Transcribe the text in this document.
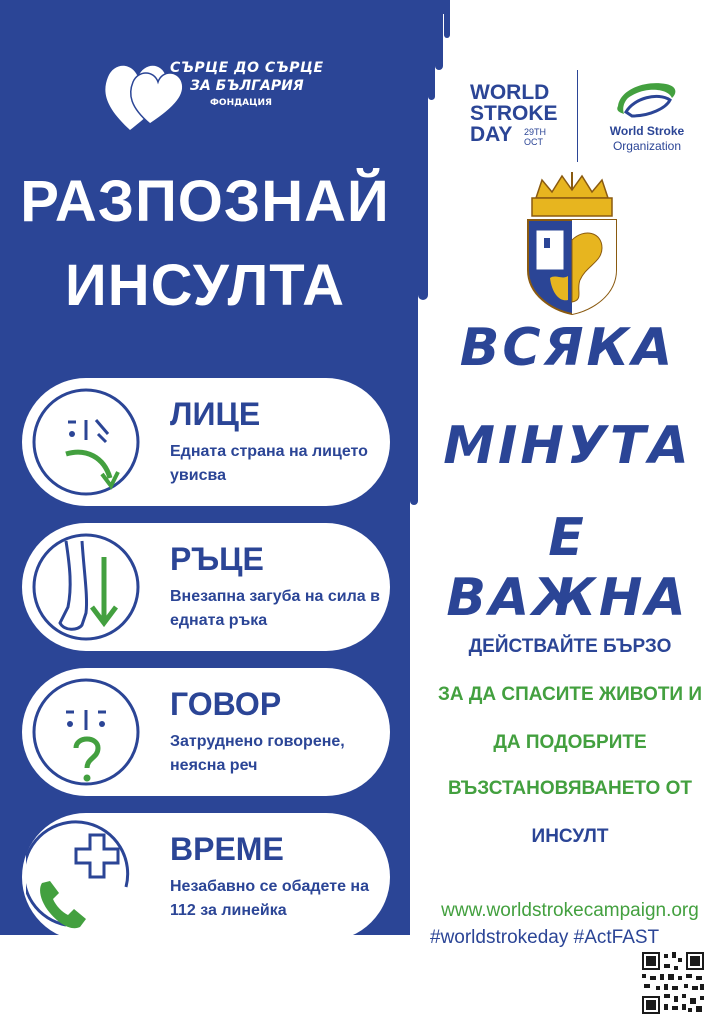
СЪРЦЕ ДО СЪРЦЕ
ЗА БЪЛГАРИЯ
ФОНДАЦИЯ
РАЗПОЗНАЙ
ИНСУЛТА
ЛИЦЕ
Едната страна на лицето увисва
РЪЦЕ
Внезапна загуба на сила в едната ръка
ГОВОР
Затруднено говорене, неясна реч
ВРЕМЕ
Незабавно се обадете на 112 за линейка
WORLD
STROKE
DAY	29TH
OCT
World Stroke
Organization
ВСЯКА
МІНУТА
Е ВАЖНА
ДЕЙСТВАЙТЕ БЪРЗО
ЗА ДА СПАСИТЕ ЖИВОТИ И
ДА ПОДОБРИТЕ
ВЪЗСТАНОВЯВАНЕТО ОТ
ИНСУЛТ
www.worldstrokecampaign.org
#worldstrokeday #ActFAST
